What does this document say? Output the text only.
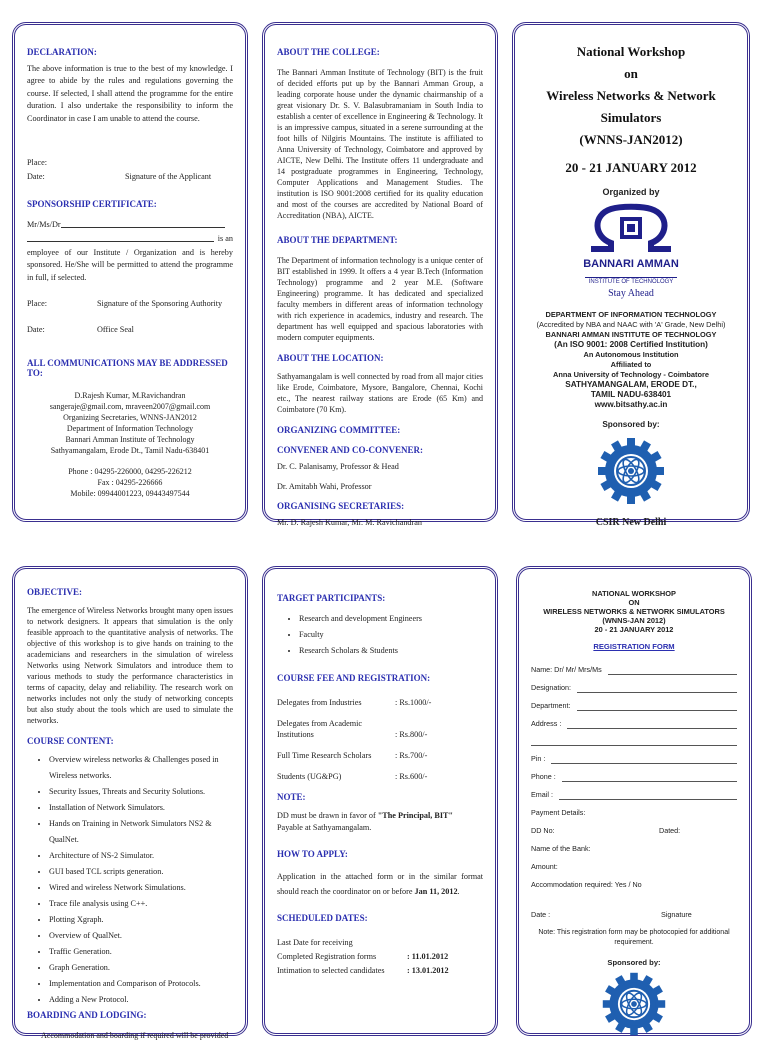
DECLARATION:

The above information is true to the best of my knowledge. I agree to abide by the rules and regulations governing the course. If selected, I shall attend the programme for the entire duration. I also undertake the responsibility to inform the Coordinator in case I am unable to attend the course.

Place:
Date:	Signature of the Applicant
SPONSORSHIP CERTIFICATE:
Mr/Ms/Dr
is an

employee of our Institute / Organization and is hereby sponsored. He/She will be permitted to attend the programme in full, if selected.

Place:	Signature of the Sponsoring Authority
Date:	Office Seal
ALL COMMUNICATIONS MAY BE ADDRESSED TO:
D.Rajesh Kumar, M.Ravichandran
sangeraje@gmail.com, mraveen2007@gmail.com
Organizing Secretaries, WNNS-JAN2012
Department of Information Technology
Bannari Amman Institute of Technology
Sathyamangalam, Erode Dt., Tamil Nadu-638401
Phone : 04295-226000, 04295-226212
Fax : 04295-226666
Mobile: 09944001223, 09443497544
ABOUT THE COLLEGE:

The Bannari Amman Institute of Technology (BIT) is the fruit of decided efforts put up by the Bannari Amman Group, a leading corporate house under the dynamic chairmanship of a great visionary Dr. S. V. Balasubramaniam in South India to establish a center of excellence in Engineering & Technology. It is an impressive campus, situated in a serene surrounding at the foot hills of Nilgiris Mountains. The institute is affiliated to Anna University of Technology, Coimbatore and approved by AICTE, New Delhi. The Institute offers 11 undergraduate and 14 postgraduate programmes in Engineering, Technology, Computer Applications and Management Studies. The institution is ISO 9001:2008 certified for its quality education and most of the courses are accredited by National Board of Accreditation (NBA), AICTE.

ABOUT THE DEPARTMENT:

The Department of information technology is a unique center of BIT established in 1999. It offers a 4 year B.Tech (Information Technology) programme and 2 year M.E. (Software Engineering) programme. It has dedicated and specialized faculty members in different areas of information technology with rich experience in academics, industry and research. The department has well equipped and spacious laboratories with modern computer equipments.

ABOUT THE LOCATION:

Sathyamangalam is well connected by road from all major cities like Erode, Coimbatore, Mysore, Bangalore, Chennai, Kochi etc., The nearest railway stations are Erode (65 Km) and Coimbatore (70 Km).

ORGANIZING COMMITTEE:
CONVENER AND CO-CONVENER:
Dr. C. Palanisamy, Professor & Head
Dr. Amitabh Wahi, Professor
ORGANISING SECRETARIES:
Mr. D. Rajesh Kumar, Mr. M. Ravichandran
National Workshop
on
Wireless Networks & Network
Simulators
(WNNS-JAN2012)
20 - 21 JANUARY 2012
Organized by
BANNARI AMMAN
INSTITUTE OF TECHNOLOGY
Stay Ahead
DEPARTMENT OF INFORMATION TECHNOLOGY
(Accredited by NBA and NAAC with 'A' Grade, New Delhi)
BANNARI AMMAN INSTITUTE OF TECHNOLOGY
(An ISO 9001: 2008 Certified Institution)
An Autonomous Institution
Affiliated to
Anna University of Technology - Coimbatore
SATHYAMANGALAM, ERODE DT.,
TAMIL NADU-638401
www.bitsathy.ac.in
Sponsored by:
CSIR New Delhi
OBJECTIVE:

The emergence of Wireless Networks brought many open issues to network designers. It appears that simulation is the only feasible approach to the quantitative analysis of networks. The objective of this workshop is to give hands on training to the academicians and researchers in the simulation of wireless Networks using Network Simulators and introduce them to various methods to study the performance characteristics in terms of capacity, delay and reliability. The research work on networks includes not only the study of networking concepts but also study about the tools which are used to simulate the networks.

COURSE CONTENT:
• Overview wireless networks & Challenges posed in Wireless networks.
• Security Issues, Threats and Security Solutions.
• Installation of Network Simulators.
• Hands on Training in Network Simulators NS2 & QualNet.
• Architecture of NS-2 Simulator.
• GUI based TCL scripts generation.
• Wired and wireless Network Simulations.
• Trace file analysis using C++.
• Plotting Xgraph.
• Overview of QualNet.
• Traffic Generation.
• Graph Generation.
• Implementation and Comparison of Protocols.
• Adding a New Protocol.
BOARDING AND LODGING:

Accommodation and boarding if required will be provided

TARGET PARTICIPANTS:
• Research and development Engineers
• Faculty
• Research Scholars & Students
COURSE FEE AND REGISTRATION:
Delegates from Industries	: Rs.1000/-
Delegates from Academic Institutions	: Rs.800/-
Full Time Research Scholars	: Rs.700/-
Students (UG&PG)	: Rs.600/-
NOTE:
DD must be drawn in favor of "The Principal, BIT"
Payable at Sathyamangalam.
HOW TO APPLY:
Application in the attached form or in the similar format should reach the coordinator on or before Jan 11, 2012.
SCHEDULED DATES:
Last Date for receiving
Completed Registration forms	: 11.01.2012
Intimation to selected candidates	: 13.01.2012
NATIONAL WORKSHOP
ON
WIRELESS NETWORKS & NETWORK SIMULATORS
(WNNS-JAN 2012)
20 - 21 JANUARY 2012
REGISTRATION FORM
Name: Dr/ Mr/ Mrs/Ms
Designation:
Department:
Address :
Pin :
Phone :
Email :
Payment Details:
DD No:	Dated:
Name of the Bank:
Amount:
Accommodation required: Yes / No
Date :	Signature
Note: This registration form may be photocopied for additional requirement.
Sponsored by:
